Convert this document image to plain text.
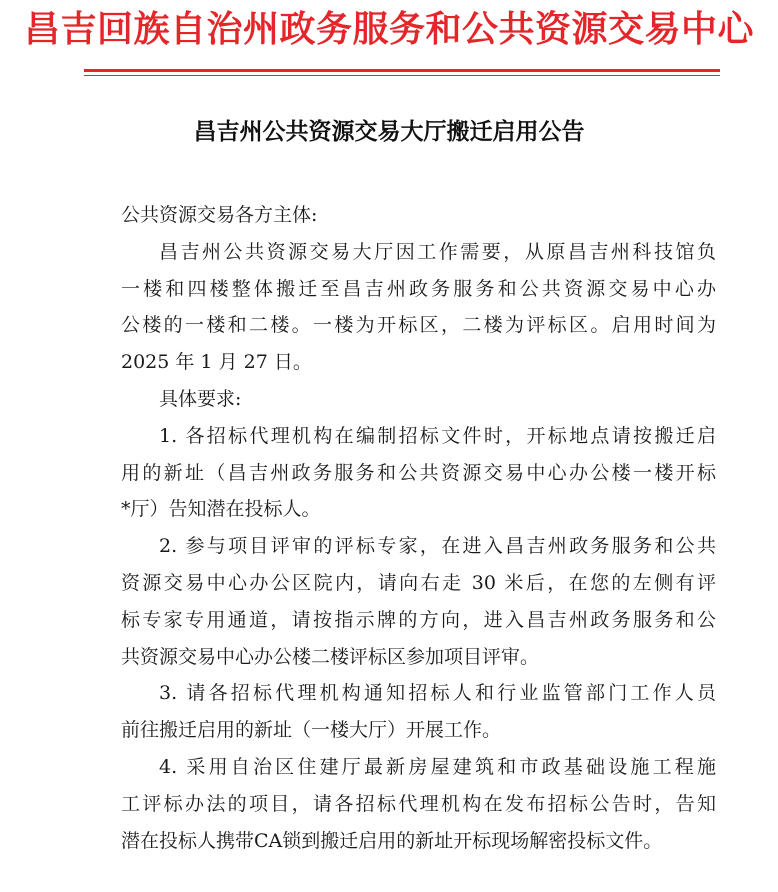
昌吉回族自治州政务服务和公共资源交易中心
昌吉州公共资源交易大厅搬迁启用公告

公共资源交易各方主体:

昌吉州公共资源交易大厅因工作需要，从原昌吉州科技馆负

一楼和四楼整体搬迁至昌吉州政务服务和公共资源交易中心办

公楼的一楼和二楼。一楼为开标区，二楼为评标区。启用时间为

2025 年 1 月 27 日。

具体要求:

1. 各招标代理机构在编制招标文件时，开标地点请按搬迁启

用的新址（昌吉州政务服务和公共资源交易中心办公楼一楼开标

*厅）告知潜在投标人。

2. 参与项目评审的评标专家，在进入昌吉州政务服务和公共

资源交易中心办公区院内，请向右走 30 米后，在您的左侧有评

标专家专用通道，请按指示牌的方向，进入昌吉州政务服务和公

共资源交易中心办公楼二楼评标区参加项目评审。

3. 请各招标代理机构通知招标人和行业监管部门工作人员

前往搬迁启用的新址（一楼大厅）开展工作。

4. 采用自治区住建厅最新房屋建筑和市政基础设施工程施

工评标办法的项目，请各招标代理机构在发布招标公告时，告知

潜在投标人携带CA锁到搬迁启用的新址开标现场解密投标文件。
